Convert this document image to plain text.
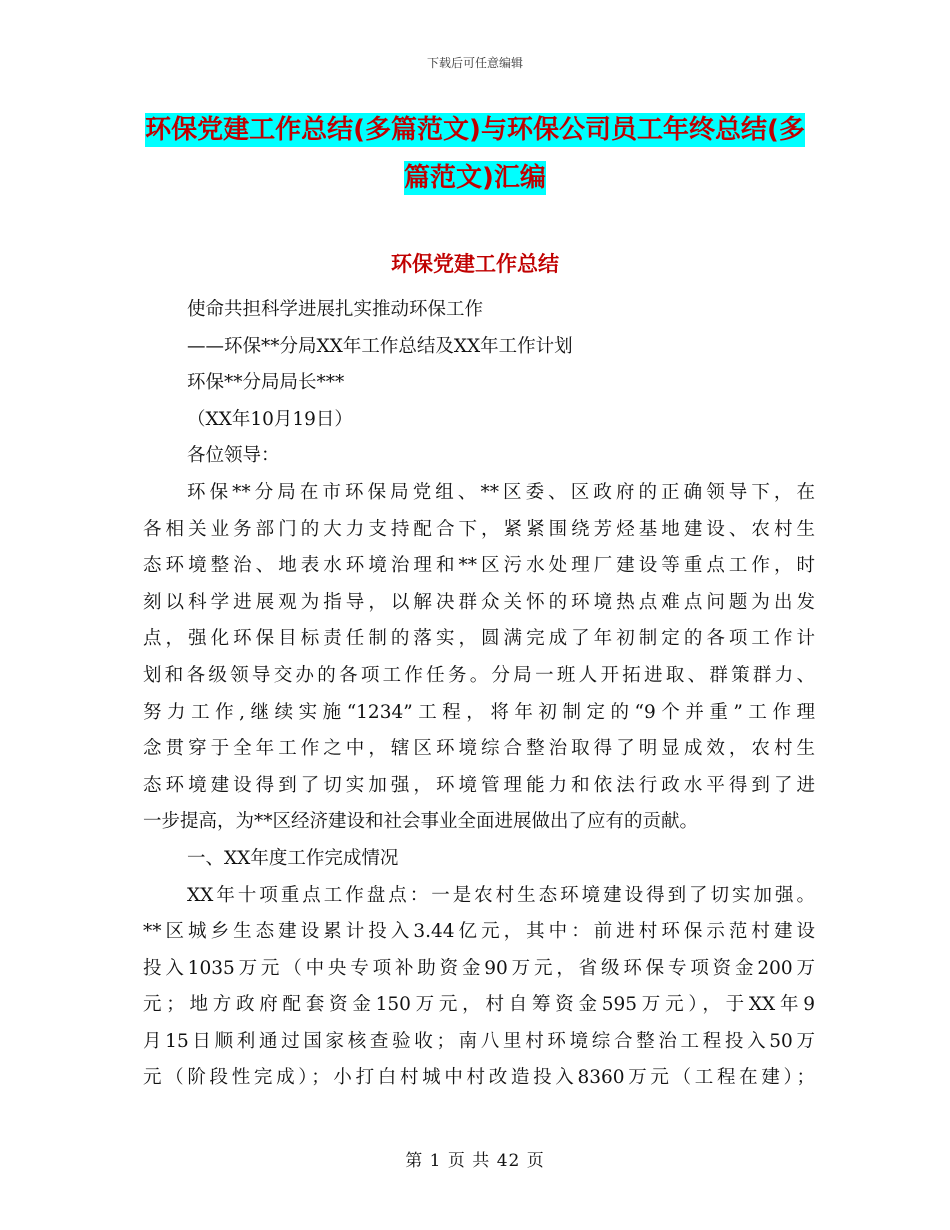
下载后可任意编辑
环保党建工作总结(多篇范文)与环保公司员工年终总结(多篇范文)汇编
环保党建工作总结
使命共担科学进展扎实推动环保工作
——环保**分局XX年工作总结及XX年工作计划
环保**分局局长***
（XX年10月19日）
各位领导：
环保**分局在市环保局党组、**区委、区政府的正确领导下，在
各相关业务部门的大力支持配合下，紧紧围绕芳烃基地建设、农村生
态环境整治、地表水环境治理和**区污水处理厂建设等重点工作，时
刻以科学进展观为指导，以解决群众关怀的环境热点难点问题为出发
点，强化环保目标责任制的落实，圆满完成了年初制定的各项工作计
划和各级领导交办的各项工作任务。分局一班人开拓进取、群策群力、
努力工作,继续实施“1234”工程，将年初制定的“9个并重”工作理
念贯穿于全年工作之中，辖区环境综合整治取得了明显成效，农村生
态环境建设得到了切实加强，环境管理能力和依法行政水平得到了进
一步提高，为**区经济建设和社会事业全面进展做出了应有的贡献。
一、XX年度工作完成情况
XX年十项重点工作盘点：一是农村生态环境建设得到了切实加强。
**区城乡生态建设累计投入3.44亿元，其中：前进村环保示范村建设
投入1035万元（中央专项补助资金90万元，省级环保专项资金200万
元；地方政府配套资金150万元，村自筹资金595万元），于XX年9
月15日顺利通过国家核查验收；南八里村环境综合整治工程投入50万
元（阶段性完成）；小打白村城中村改造投入8360万元（工程在建）；
第 1 页 共 42 页
